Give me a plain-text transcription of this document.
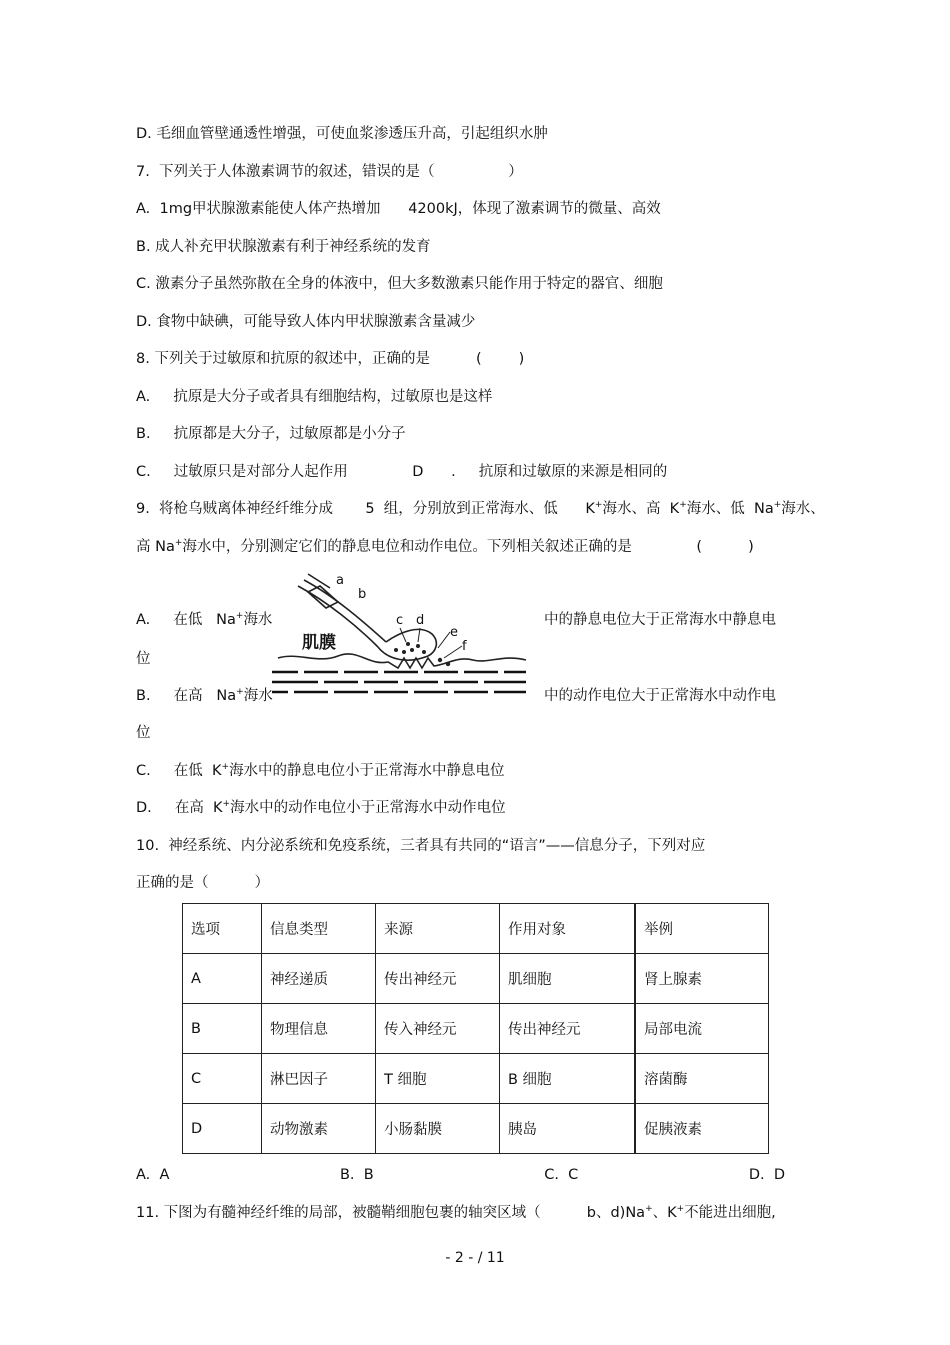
D. 毛细血管壁通透性增强，可使血浆渗透压升高，引起组织水肿
7.  下列关于人体激素调节的叙述，错误的是（                ）
A.  1mg甲状腺激素能使人体产热增加      4200kJ，体现了激素调节的微量、高效
B. 成人补充甲状腺激素有利于神经系统的发育
C. 激素分子虽然弥散在全身的体液中，但大多数激素只能作用于特定的器官、细胞
D. 食物中缺碘，可能导致人体内甲状腺激素含量减少
8. 下列关于过敏原和抗原的叙述中，正确的是          (        )
A.     抗原是大分子或者具有细胞结构，过敏原也是这样
B.     抗原都是大分子，过敏原都是小分子
C.     过敏原只是对部分人起作用              D      .     抗原和过敏原的来源是相同的
9.  将枪乌贼离体神经纤维分成       5  组，分别放到正常海水、低      K+海水、高  K+海水、低  Na+海水、
高 Na+海水中，分别测定它们的静息电位和动作电位。下列相关叙述正确的是              (          )
A.     在低   Na+海水	中的静息电位大于正常海水中静息电
位
B.     在高   Na+海水	中的动作电位大于正常海水中动作电
位
C.     在低  K+海水中的静息电位小于正常海水中静息电位
D.     在高  K+海水中的动作电位小于正常海水中动作电位
10.  神经系统、内分泌系统和免疫系统，三者具有共同的“语言”——信息分子，下列对应
正确的是（          ）
肌膜
a
b
c d
e
f
选项	信息类型	来源	作用对象	举例
A	神经递质	传出神经元	肌细胞	肾上腺素
B	物理信息	传入神经元	传出神经元	局部电流
C	淋巴因子	T 细胞	B 细胞	溶菌酶
D	动物激素	小肠黏膜	胰岛	促胰液素
A.  A                                     B.  B                                     C.  C                                     D.  D
11. 下图为有髓神经纤维的局部，被髓鞘细胞包裹的轴突区域（          b、d)Na+、K+不能进出细胞,
- 2 - / 11
